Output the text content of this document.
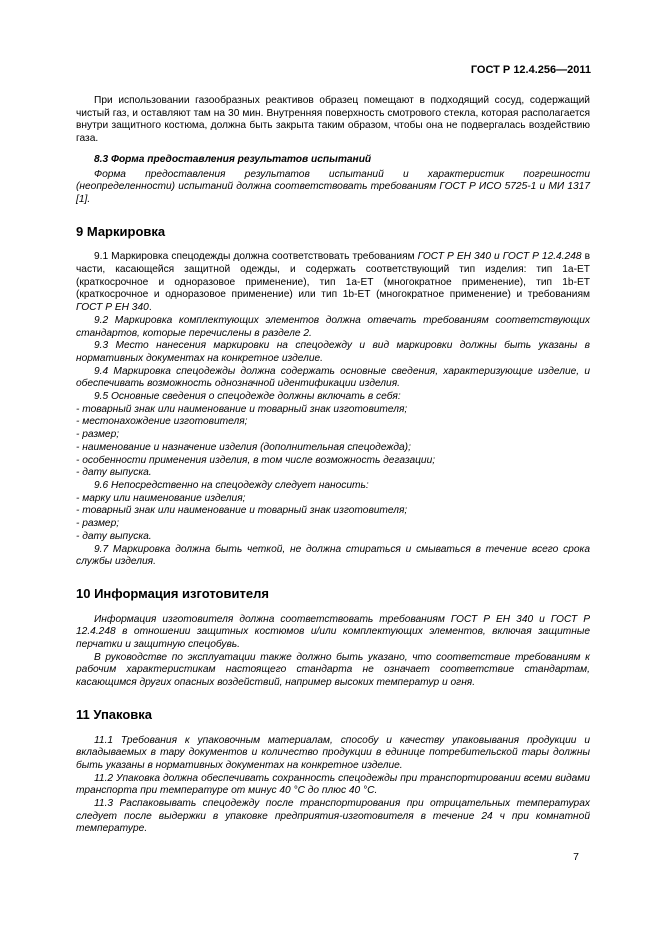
ГОСТ Р 12.4.256—2011

При использовании газообразных реактивов образец помещают в подходящий сосуд, содержащий чистый газ, и оставляют там на 30 мин. Внутренняя поверхность смотрового стекла, которая располагается внутри защитного костюма, должна быть закрыта таким образом, чтобы она не подвергалась воздействию газа.

8.3 Форма предоставления результатов испытаний

Форма предоставления результатов испытаний и характеристик погрешности (неопределенности) испытаний должна соответствовать требованиям ГОСТ Р ИСО 5725-1 и МИ 1317 [1].

9 Маркировка

9.1 Маркировка спецодежды должна соответствовать требованиям ГОСТ Р ЕН 340 и ГОСТ Р 12.4.248 в части, касающейся защитной одежды, и содержать соответствующий тип изделия: тип 1а-ЕТ (краткосрочное и одноразовое применение), тип 1а-ЕТ (многократное применение), тип 1b-ЕТ (краткосрочное и одноразовое применение) или тип 1b-ЕТ (многократное применение) и требованиям ГОСТ Р ЕН 340.

9.2 Маркировка комплектующих элементов должна отвечать требованиям соответствующих стандартов, которые перечислены в разделе 2.

9.3 Место нанесения маркировки на спецодежду и вид маркировки должны быть указаны в нормативных документах на конкретное изделие.

9.4 Маркировка спецодежды должна содержать основные сведения, характеризующие изделие, и обеспечивать возможность однозначной идентификации изделия.

9.5 Основные сведения о спецодежде должны включать в себя:

- товарный знак или наименование и товарный знак изготовителя;

- местонахождение изготовителя;

- размер;

- наименование и назначение изделия (дополнительная спецодежда);

- особенности применения изделия, в том числе возможность дегазации;

- дату выпуска.

9.6 Непосредственно на спецодежду следует наносить:

- марку или наименование изделия;

- товарный знак или наименование и товарный знак изготовителя;

- размер;

- дату выпуска.

9.7 Маркировка должна быть четкой, не должна стираться и смываться в течение всего срока службы изделия.

10 Информация изготовителя

Информация изготовителя должна соответствовать требованиям ГОСТ Р ЕН 340 и ГОСТ Р 12.4.248 в отношении защитных костюмов и/или комплектующих элементов, включая защитные перчатки и защитную спецобувь.

В руководстве по эксплуатации также должно быть указано, что соответствие требованиям к рабочим характеристикам настоящего стандарта не означает соответствие стандартам, касающимся других опасных воздействий, например высоких температур и огня.

11 Упаковка

11.1 Требования к упаковочным материалам, способу и качеству упаковывания продукции и вкладываемых в тару документов и количество продукции в единице потребительской тары должны быть указаны в нормативных документах на конкретное изделие.

11.2 Упаковка должна обеспечивать сохранность спецодежды при транспортировании всеми видами транспорта при температуре от минус 40 °С до плюс 40 °С.

11.3 Распаковывать спецодежду после транспортирования при отрицательных температурах следует после выдержки в упаковке предприятия-изготовителя в течение 24 ч при комнатной температуре.

7
